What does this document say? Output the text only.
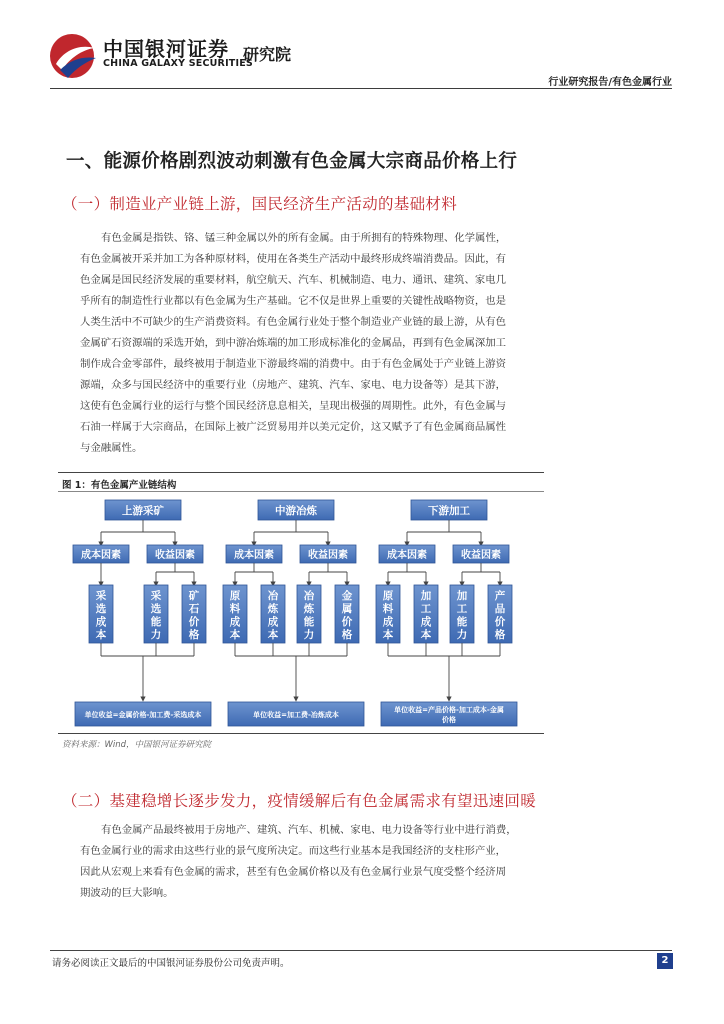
中国银河证券
CHINA GALAXY SECURITIES
研究院
行业研究报告/有色金属行业
一、能源价格剧烈波动刺激有色金属大宗商品价格上行
（一）制造业产业链上游，国民经济生产活动的基础材料
有色金属是指铁、铬、锰三种金属以外的所有金属。由于所拥有的特殊物理、化学属性，
有色金属被开采并加工为各种原材料，使用在各类生产活动中最终形成终端消费品。因此，有
色金属是国民经济发展的重要材料，航空航天、汽车、机械制造、电力、通讯、建筑、家电几
乎所有的制造性行业都以有色金属为生产基础。它不仅是世界上重要的关键性战略物资，也是
人类生活中不可缺少的生产消费资料。有色金属行业处于整个制造业产业链的最上游，从有色
金属矿石资源端的采选开始，到中游冶炼端的加工形成标准化的金属品，再到有色金属深加工
制作成合金零部件，最终被用于制造业下游最终端的消费中。由于有色金属处于产业链上游资
源端，众多与国民经济中的重要行业（房地产、建筑、汽车、家电、电力设备等）是其下游，
这使有色金属行业的运行与整个国民经济息息相关，呈现出极强的周期性。此外，有色金属与
石油一样属于大宗商品，在国际上被广泛贸易用并以美元定价，这又赋予了有色金属商品属性
与金融属性。
图 1：有色金属产业链结构
上游采矿
成本因素	收益因素
采选成本
采选能力
矿石价格
单位收益=金属价格-加工费-采选成本
中游冶炼
成本因素	收益因素
原料成本
冶炼成本
冶炼能力
金属价格
单位收益=加工费-冶炼成本
下游加工
成本因素	收益因素
原料成本
加工成本
加工能力
产品价格
单位收益=产品价格-加工成本-金属
价格
资料来源：Wind，中国银河证券研究院
（二）基建稳增长逐步发力，疫情缓解后有色金属需求有望迅速回暖
有色金属产品最终被用于房地产、建筑、汽车、机械、家电、电力设备等行业中进行消费，
有色金属行业的需求由这些行业的景气度所决定。而这些行业基本是我国经济的支柱形产业，
因此从宏观上来看有色金属的需求，甚至有色金属价格以及有色金属行业景气度受整个经济周
期波动的巨大影响。
请务必阅读正文最后的中国银河证券股份公司免责声明。	2
